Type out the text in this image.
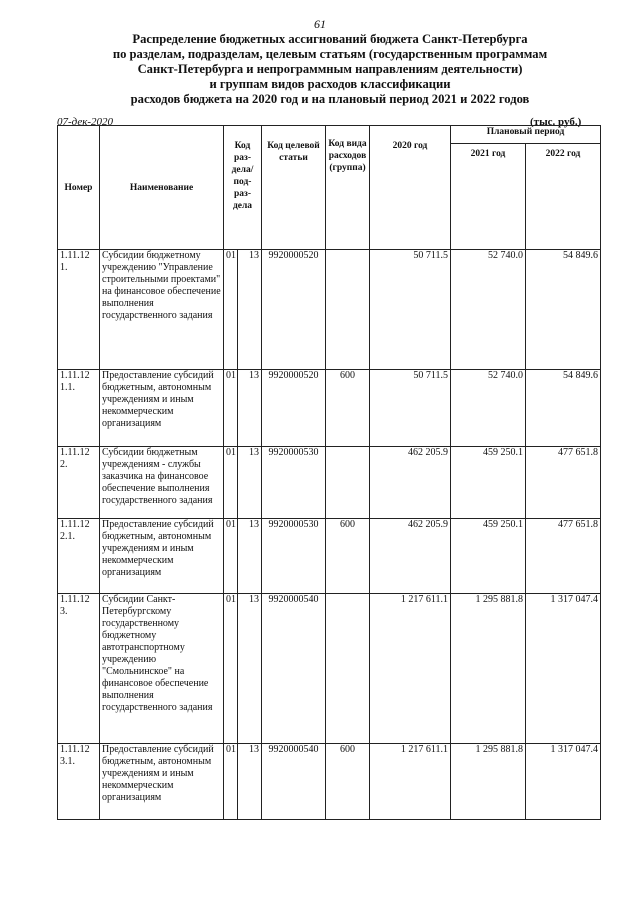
61
Распределение бюджетных ассигнований бюджета Санкт-Петербурга
по разделам, подразделам, целевым статьям (государственным программам
Санкт-Петербурга и непрограммным направлениям деятельности)
и группам видов расходов классификации
расходов бюджета на 2020 год и на плановый период 2021 и 2022 годов
07-дек-2020	(тыс. руб.)
Номер	Наименование	Код раз- дела/ под- раз- дела		Код целевой статьи	Код вида расходов (группа)	2020 год	Плановый период	
							2021 год	2022 год
1.11.12 1.	Субсидии бюджетному учреждению "Управление строительными проектами" на финансовое обеспечение выполнения государственного задания	01	13	9920000520		50 711.5	52 740.0	54 849.6
1.11.12 1.1.	Предоставление субсидий бюджетным, автономным учреждениям и иным некоммерческим организациям	01	13	9920000520	600	50 711.5	52 740.0	54 849.6
1.11.12 2.	Субсидии бюджетным учреждениям - службы заказчика на финансовое обеспечение выполнения государственного задания	01	13	9920000530		462 205.9	459 250.1	477 651.8
1.11.12 2.1.	Предоставление субсидий бюджетным, автономным учреждениям и иным некоммерческим организациям	01	13	9920000530	600	462 205.9	459 250.1	477 651.8
1.11.12 3.	Субсидии Санкт-Петербургскому государственному бюджетному автотранспортному учреждению "Смольнинское" на финансовое обеспечение выполнения государственного задания	01	13	9920000540		1 217 611.1	1 295 881.8	1 317 047.4
1.11.12 3.1.	Предоставление субсидий бюджетным, автономным учреждениям и иным некоммерческим организациям	01	13	9920000540	600	1 217 611.1	1 295 881.8	1 317 047.4
